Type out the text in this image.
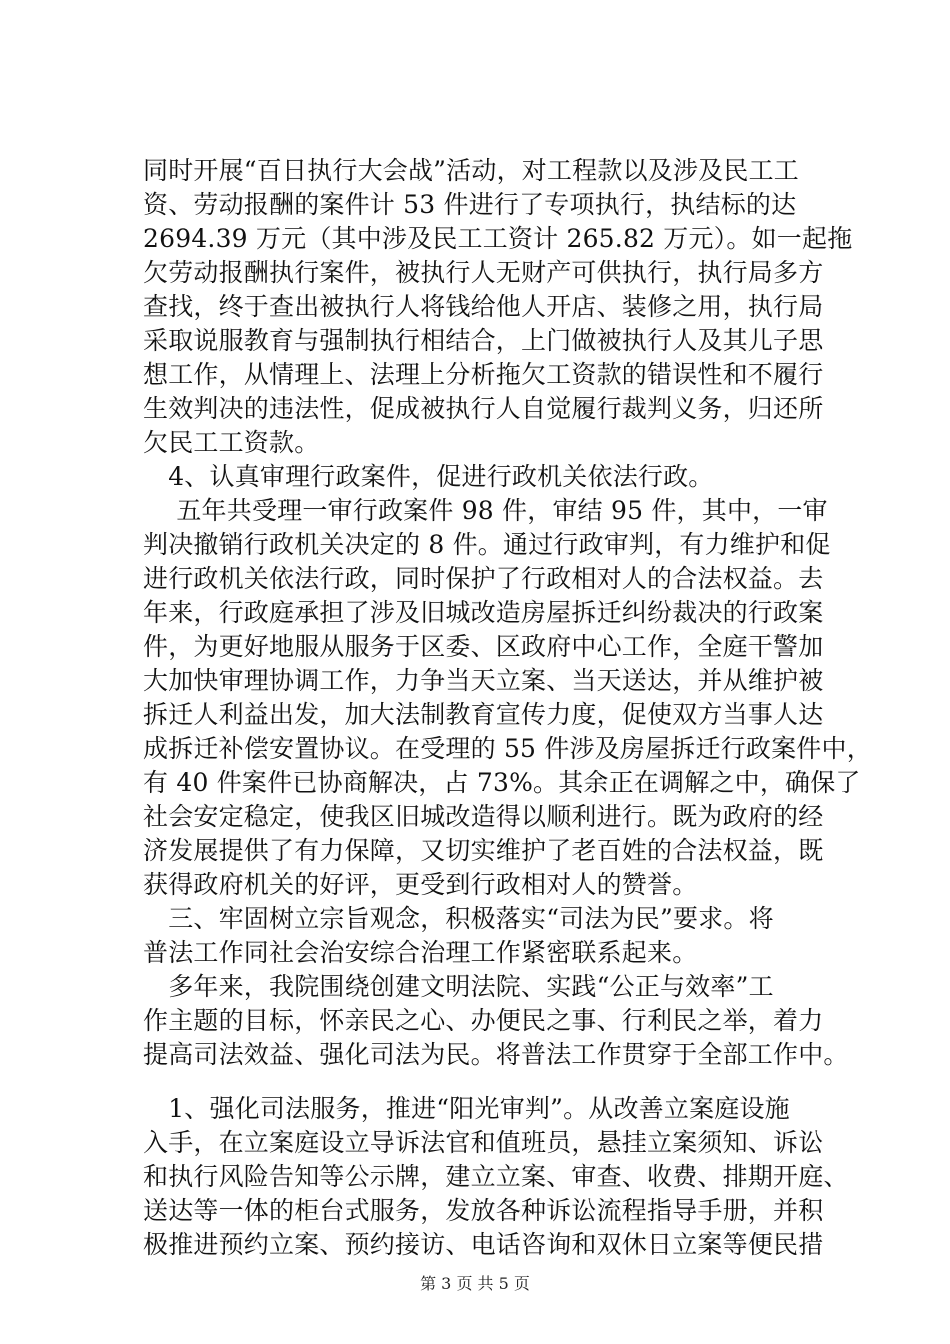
同时开展“百日执行大会战”活动，对工程款以及涉及民工工
资、劳动报酬的案件计 53 件进行了专项执行，执结标的达
2694.39 万元（其中涉及民工工资计 265.82 万元）。如一起拖
欠劳动报酬执行案件，被执行人无财产可供执行，执行局多方
查找，终于查出被执行人将钱给他人开店、装修之用，执行局
采取说服教育与强制执行相结合，上门做被执行人及其儿子思
想工作，从情理上、法理上分析拖欠工资款的错误性和不履行
生效判决的违法性，促成被执行人自觉履行裁判义务，归还所
欠民工工资款。
　4、认真审理行政案件，促进行政机关依法行政。
　 五年共受理一审行政案件 98 件，审结 95 件，其中，一审
判决撤销行政机关决定的 8 件。通过行政审判，有力维护和促
进行政机关依法行政，同时保护了行政相对人的合法权益。去
年来，行政庭承担了涉及旧城改造房屋拆迁纠纷裁决的行政案
件，为更好地服从服务于区委、区政府中心工作，全庭干警加
大加快审理协调工作，力争当天立案、当天送达，并从维护被
拆迁人利益出发，加大法制教育宣传力度，促使双方当事人达
成拆迁补偿安置协议。在受理的 55 件涉及房屋拆迁行政案件中，
有 40 件案件已协商解决，占 73%。其余正在调解之中，确保了
社会安定稳定，使我区旧城改造得以顺利进行。既为政府的经
济发展提供了有力保障，又切实维护了老百姓的合法权益，既
获得政府机关的好评，更受到行政相对人的赞誉。
　三、牢固树立宗旨观念，积极落实“司法为民”要求。将
普法工作同社会治安综合治理工作紧密联系起来。
　多年来，我院围绕创建文明法院、实践“公正与效率”工
作主题的目标，怀亲民之心、办便民之事、行利民之举，着力
提高司法效益、强化司法为民。将普法工作贯穿于全部工作中。
　1、强化司法服务，推进“阳光审判”。从改善立案庭设施
入手，在立案庭设立导诉法官和值班员，悬挂立案须知、诉讼
和执行风险告知等公示牌，建立立案、审查、收费、排期开庭、
送达等一体的柜台式服务，发放各种诉讼流程指导手册，并积
极推进预约立案、预约接访、电话咨询和双休日立案等便民措
第 3 页 共 5 页
